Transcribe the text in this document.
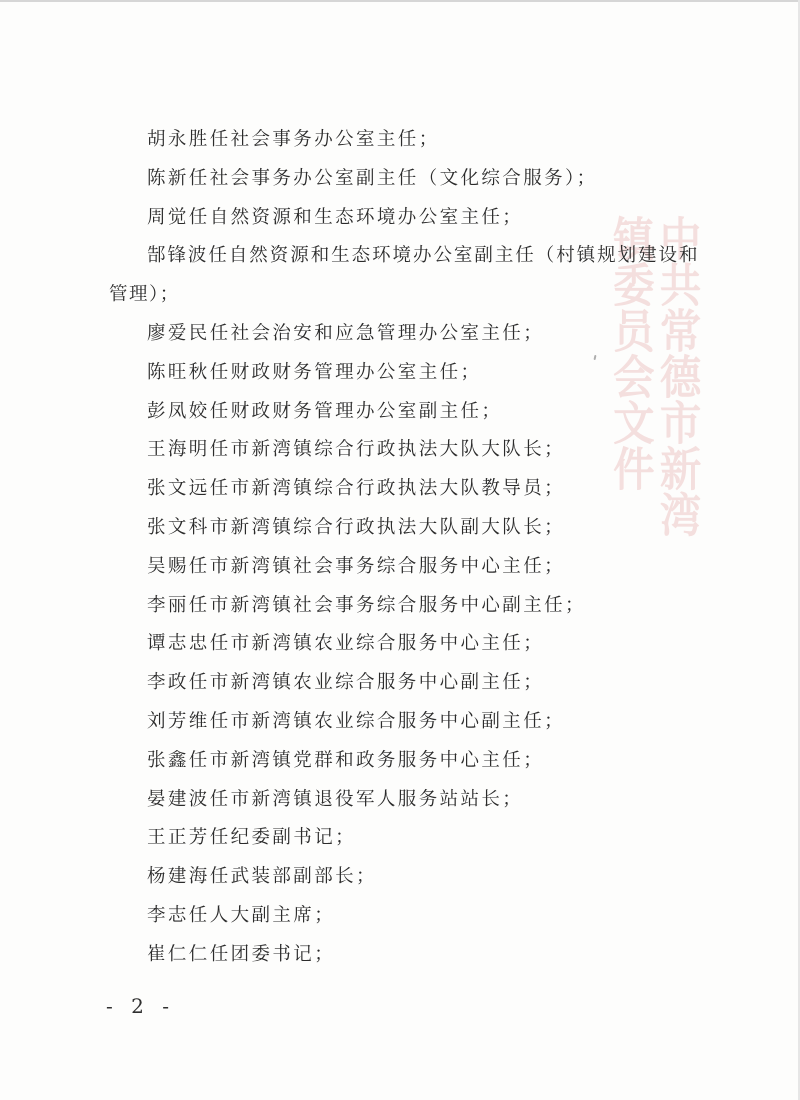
中共常德市新湾镇委员会文件

胡永胜任社会事务办公室主任；

陈新任社会事务办公室副主任（文化综合服务）；

周觉任自然资源和生态环境办公室主任；

郜锋波任自然资源和生态环境办公室副主任（村镇规划建设和管理）；

廖爱民任社会治安和应急管理办公室主任；

陈旺秋任财政财务管理办公室主任；

彭凤姣任财政财务管理办公室副主任；

王海明任市新湾镇综合行政执法大队大队长；

张文远任市新湾镇综合行政执法大队教导员；

张文科市新湾镇综合行政执法大队副大队长；

吴赐任市新湾镇社会事务综合服务中心主任；

李丽任市新湾镇社会事务综合服务中心副主任；

谭志忠任市新湾镇农业综合服务中心主任；

李政任市新湾镇农业综合服务中心副主任；

刘芳维任市新湾镇农业综合服务中心副主任；

张鑫任市新湾镇党群和政务服务中心主任；

晏建波任市新湾镇退役军人服务站站长；

王正芳任纪委副书记；

杨建海任武装部副部长；

李志任人大副主席；

崔仁仁任团委书记；

- 2 -
